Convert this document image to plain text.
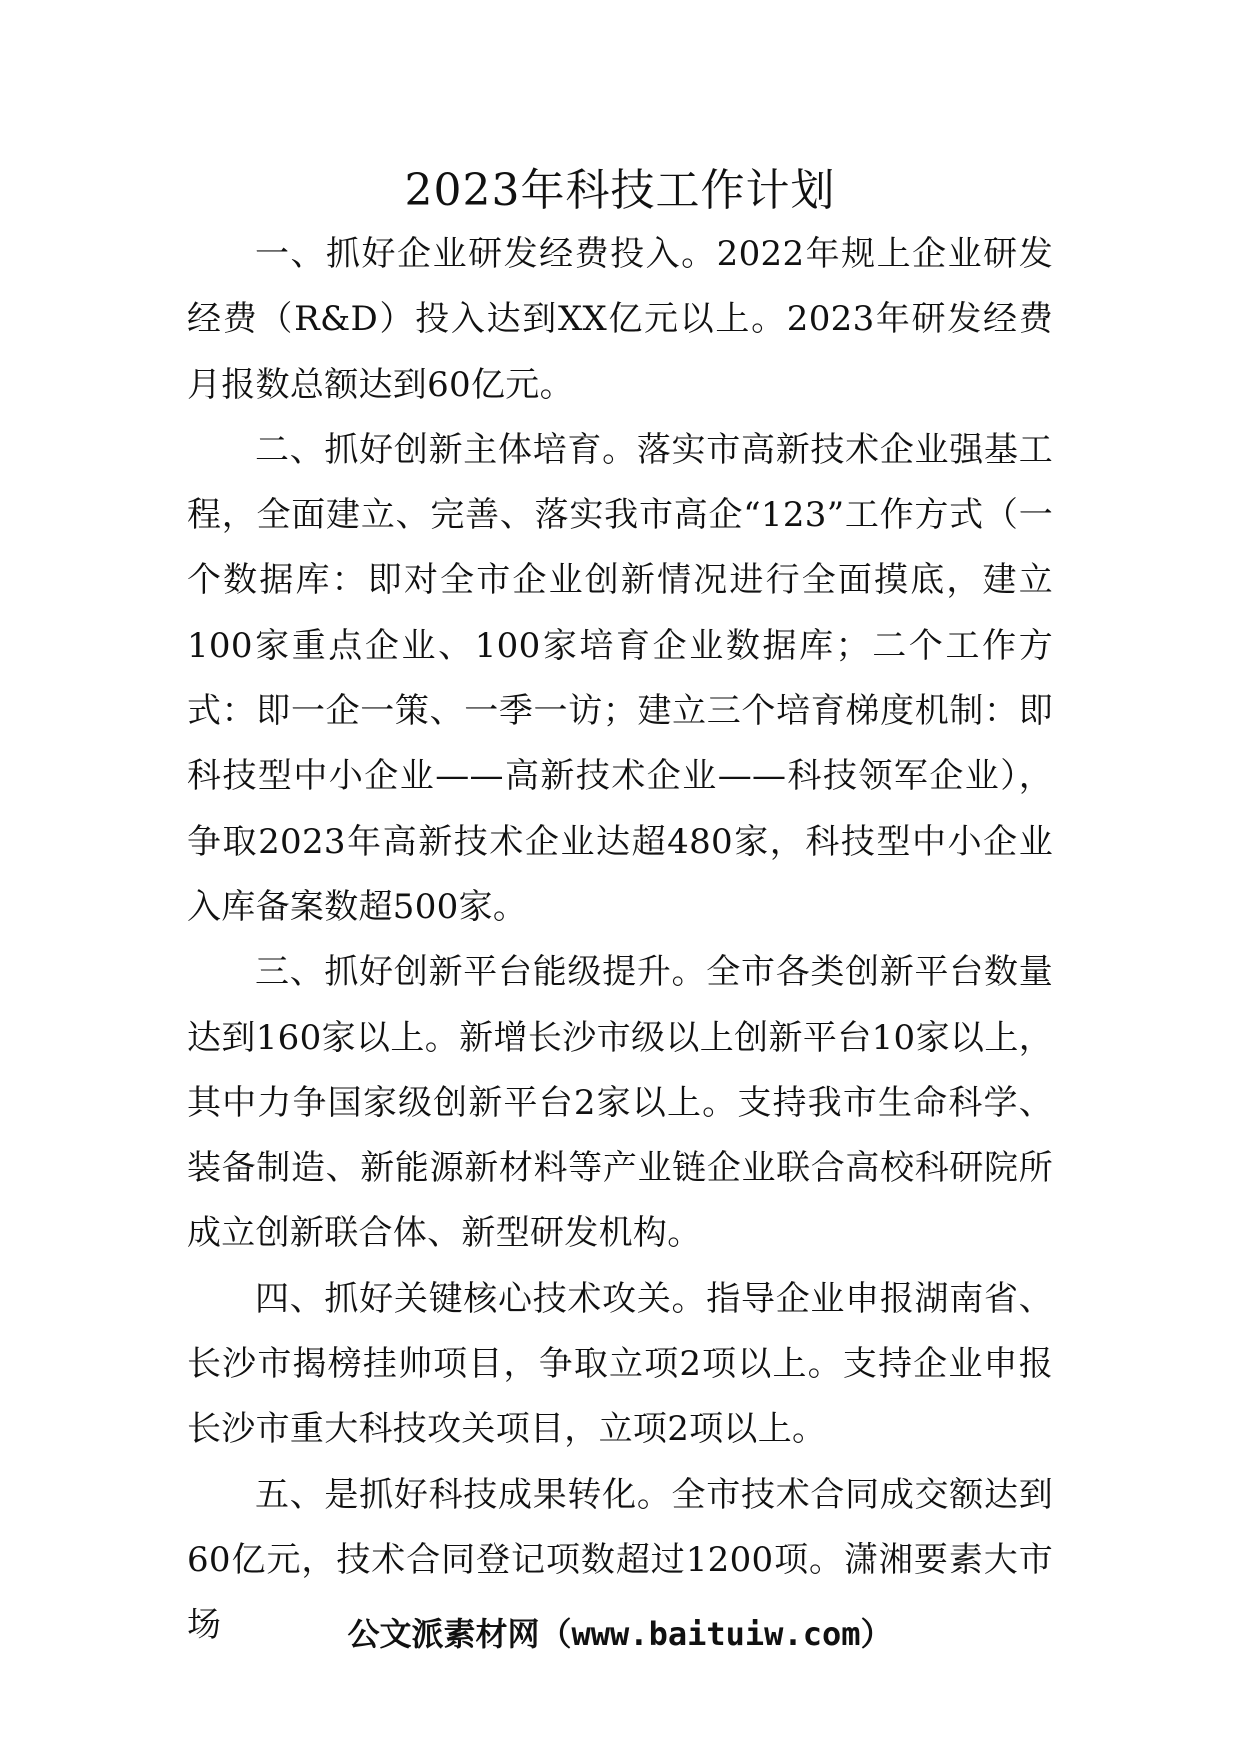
2023年科技工作计划

一、抓好企业研发经费投入。2022年规上企业研发经费（R&D）投入达到XX亿元以上。2023年研发经费月报数总额达到60亿元。

二、抓好创新主体培育。落实市高新技术企业强基工程，全面建立、完善、落实我市高企“123”工作方式（一个数据库：即对全市企业创新情况进行全面摸底，建立100家重点企业、100家培育企业数据库；二个工作方式：即一企一策、一季一访；建立三个培育梯度机制：即科技型中小企业——高新技术企业——科技领军企业），争取2023年高新技术企业达超480家，科技型中小企业入库备案数超500家。

三、抓好创新平台能级提升。全市各类创新平台数量达到160家以上。新增长沙市级以上创新平台10家以上，其中力争国家级创新平台2家以上。支持我市生命科学、装备制造、新能源新材料等产业链企业联合高校科研院所成立创新联合体、新型研发机构。

四、抓好关键核心技术攻关。指导企业申报湖南省、长沙市揭榜挂帅项目，争取立项2项以上。支持企业申报长沙市重大科技攻关项目，立项2项以上。

五、是抓好科技成果转化。全市技术合同成交额达到60亿元，技术合同登记项数超过1200项。潇湘要素大市场	公文派素材网（www.baituiw.com）
